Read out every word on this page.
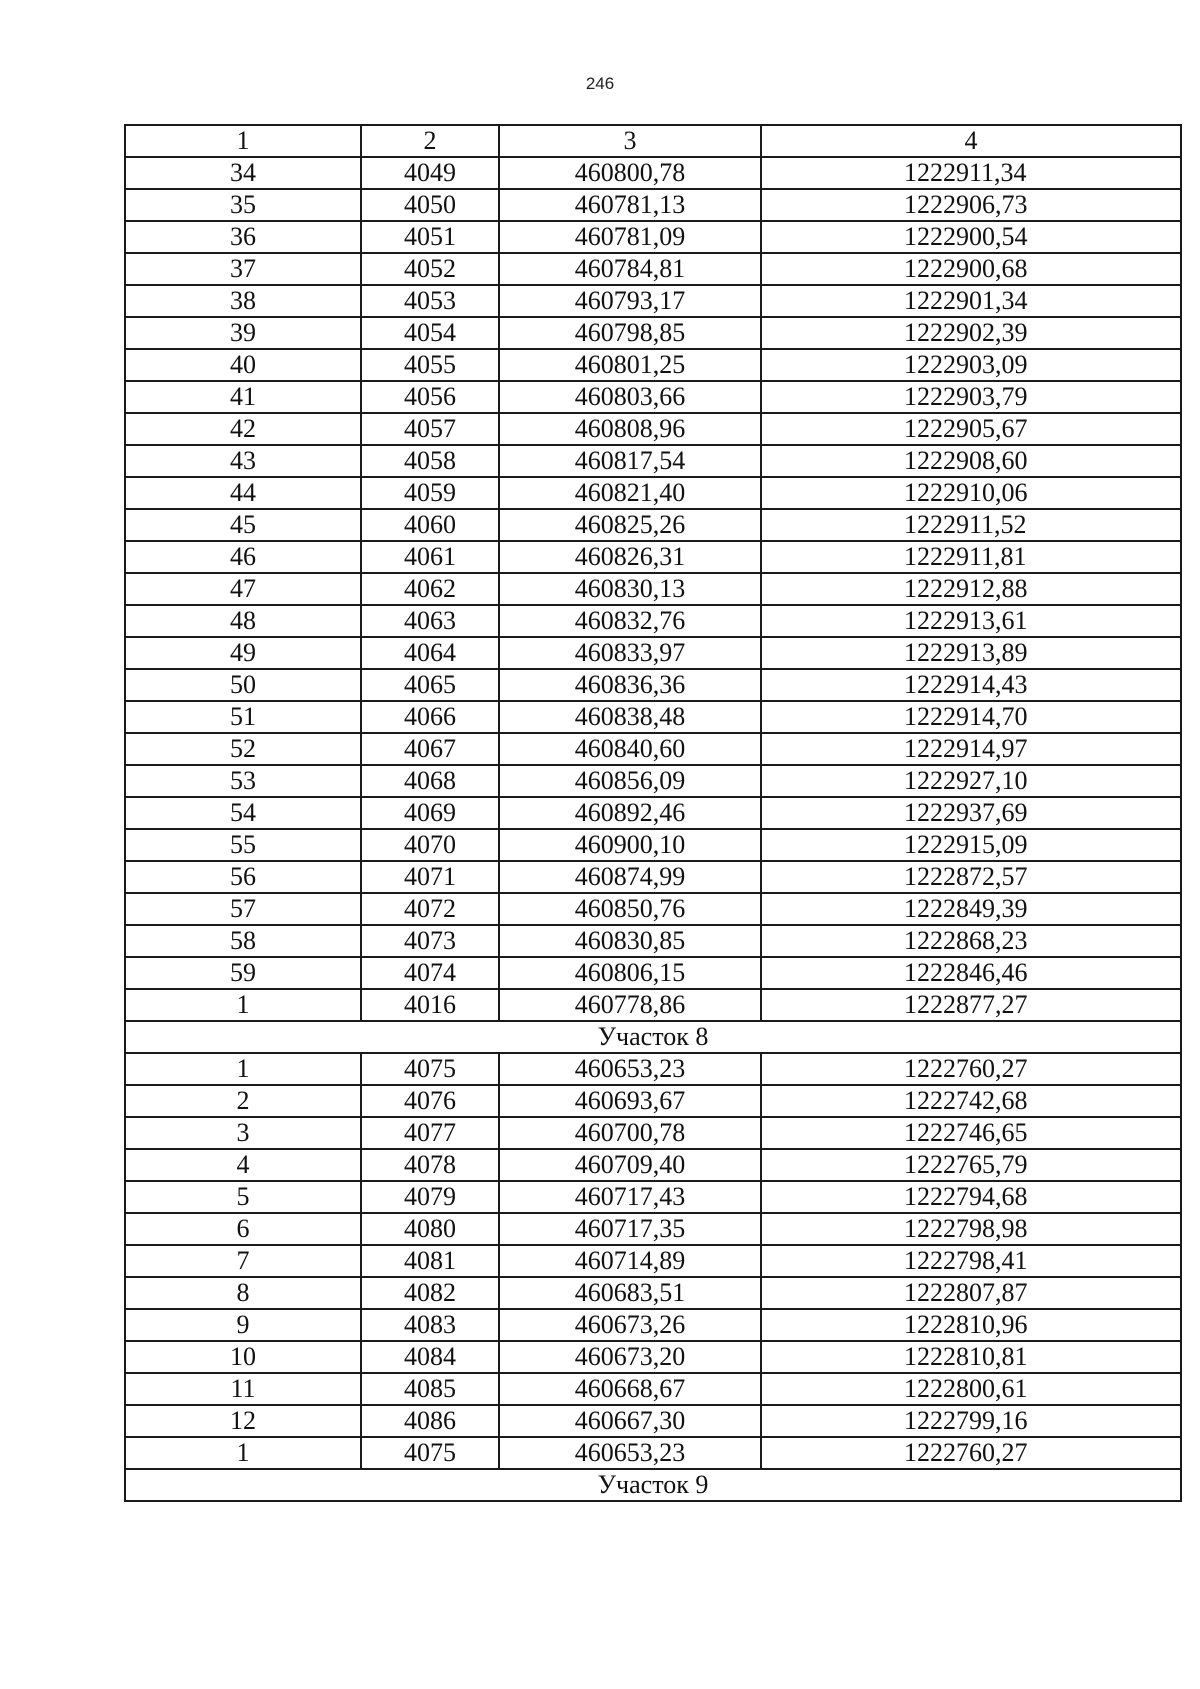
246
1	2	3	4
34	4049	460800,78	1222911,34
35	4050	460781,13	1222906,73
36	4051	460781,09	1222900,54
37	4052	460784,81	1222900,68
38	4053	460793,17	1222901,34
39	4054	460798,85	1222902,39
40	4055	460801,25	1222903,09
41	4056	460803,66	1222903,79
42	4057	460808,96	1222905,67
43	4058	460817,54	1222908,60
44	4059	460821,40	1222910,06
45	4060	460825,26	1222911,52
46	4061	460826,31	1222911,81
47	4062	460830,13	1222912,88
48	4063	460832,76	1222913,61
49	4064	460833,97	1222913,89
50	4065	460836,36	1222914,43
51	4066	460838,48	1222914,70
52	4067	460840,60	1222914,97
53	4068	460856,09	1222927,10
54	4069	460892,46	1222937,69
55	4070	460900,10	1222915,09
56	4071	460874,99	1222872,57
57	4072	460850,76	1222849,39
58	4073	460830,85	1222868,23
59	4074	460806,15	1222846,46
1	4016	460778,86	1222877,27
Участок 8			
1	4075	460653,23	1222760,27
2	4076	460693,67	1222742,68
3	4077	460700,78	1222746,65
4	4078	460709,40	1222765,79
5	4079	460717,43	1222794,68
6	4080	460717,35	1222798,98
7	4081	460714,89	1222798,41
8	4082	460683,51	1222807,87
9	4083	460673,26	1222810,96
10	4084	460673,20	1222810,81
11	4085	460668,67	1222800,61
12	4086	460667,30	1222799,16
1	4075	460653,23	1222760,27
Участок 9			
